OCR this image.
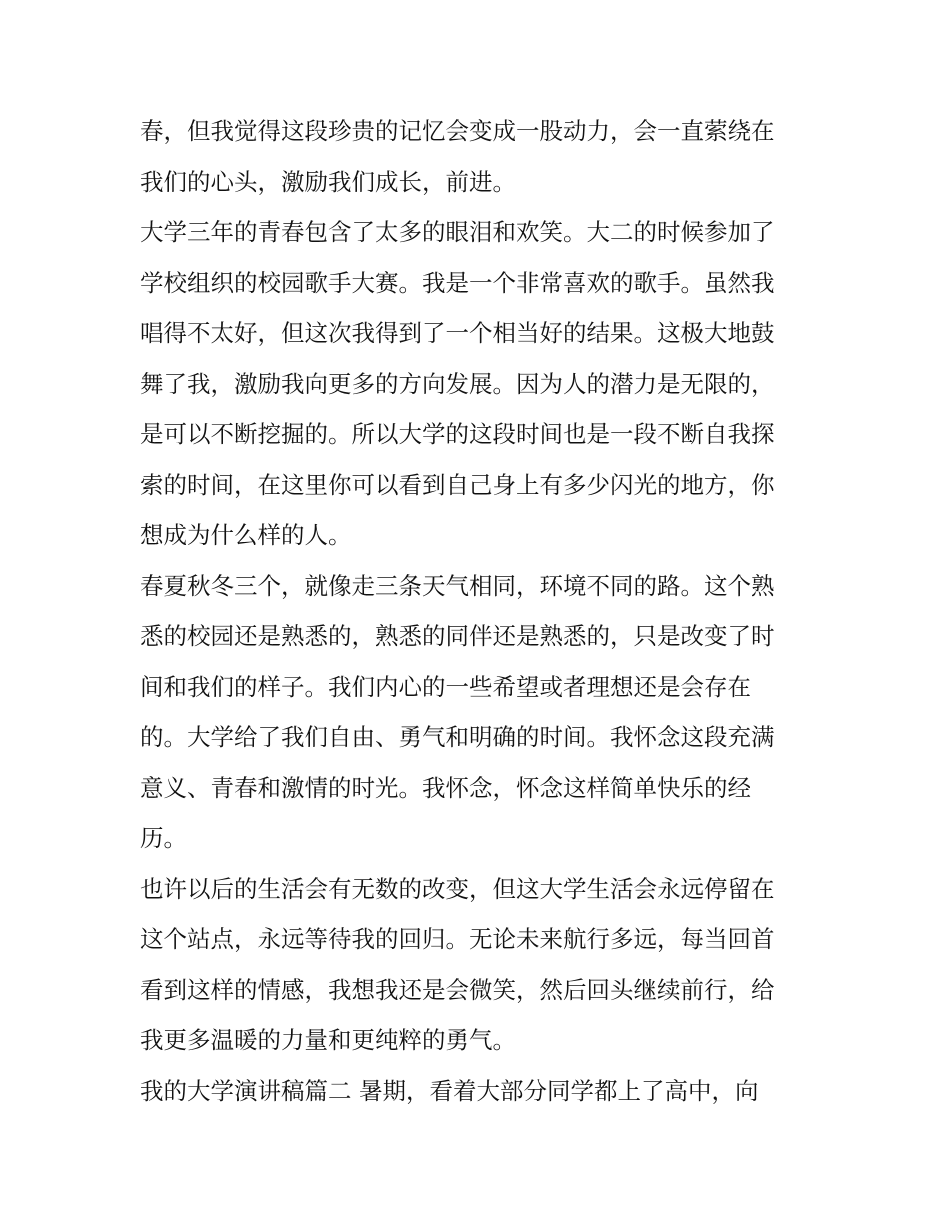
春，但我觉得这段珍贵的记忆会变成一股动力，会一直萦绕在
我们的心头，激励我们成长，前进。
大学三年的青春包含了太多的眼泪和欢笑。大二的时候参加了
学校组织的校园歌手大赛。我是一个非常喜欢的歌手。虽然我
唱得不太好，但这次我得到了一个相当好的结果。这极大地鼓
舞了我，激励我向更多的方向发展。因为人的潜力是无限的，
是可以不断挖掘的。所以大学的这段时间也是一段不断自我探
索的时间，在这里你可以看到自己身上有多少闪光的地方，你
想成为什么样的人。
春夏秋冬三个，就像走三条天气相同，环境不同的路。这个熟
悉的校园还是熟悉的，熟悉的同伴还是熟悉的，只是改变了时
间和我们的样子。我们内心的一些希望或者理想还是会存在
的。大学给了我们自由、勇气和明确的时间。我怀念这段充满
意义、青春和激情的时光。我怀念，怀念这样简单快乐的经
历。
也许以后的生活会有无数的改变，但这大学生活会永远停留在
这个站点，永远等待我的回归。无论未来航行多远，每当回首
看到这样的情感，我想我还是会微笑，然后回头继续前行，给
我更多温暖的力量和更纯粹的勇气。
我的大学演讲稿篇二 暑期，看着大部分同学都上了高中，向
